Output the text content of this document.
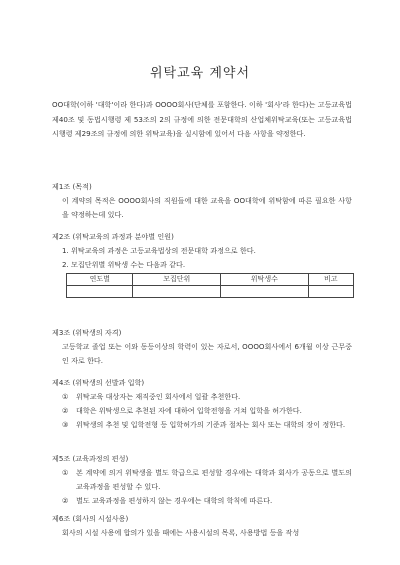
위탁교육 계약서

OO대학(이하 '대학'이라 한다)과 OOOO회사(단체를 포함한다. 이하 '회사'라 한다)는 고등교육법 제40조 및 동법시행령 제 53조의 2의 규정에 의한 전문대학의 산업체위탁교육(또는 고등교육법시행령 제29조의 규정에 의한 위탁교육)을 실시함에 있어서 다음 사항을 약정한다.

제1조 (목적)

이 계약의 목적은 OOOO회사의 직원들에 대한 교육을 OO대학에 위탁함에 따른 필요한 사항을 약정하는데 있다.

제2조 (위탁교육의 과정과 분야별 인원)

1. 위탁교육의 과정은 고등교육법상의 전문대학 과정으로 한다.

2. 모집단위별 위탁생 수는 다음과 같다.

연도별	모집단위	위탁생수	비고

제3조 (위탁생의 자격)

고등학교 졸업 또는 이와 동등이상의 학력이 있는 자로서, OOOO회사에서 6개월 이상 근무중인 자로 한다.

제4조 (위탁생의 선발과 입학)

①	위탁교육 대상자는 재직중인 회사에서 일괄 추천한다.
②	대학은 위탁생으로 추천된 자에 대하여 입학전형을 거쳐 입학을 허가한다.
③	위탁생의 추천 및 입학전형 등 입학허가의 기준과 절차는 회사 또는 대학의 장이 정한다.

제5조 (교육과정의 편성)

①	본 계약에 의거 위탁생을 별도 학급으로 편성할 경우에는 대학과 회사가 공동으로 별도의 교육과정을 편성할 수 있다.
②	별도 교육과정을 편성하지 않는 경우에는 대학의 학칙에 따른다.

제6조 (회사의 시설사용)

회사의 시설 사용에 합의가 있을 때에는 사용시설의 목록, 사용방법 등을 작성
